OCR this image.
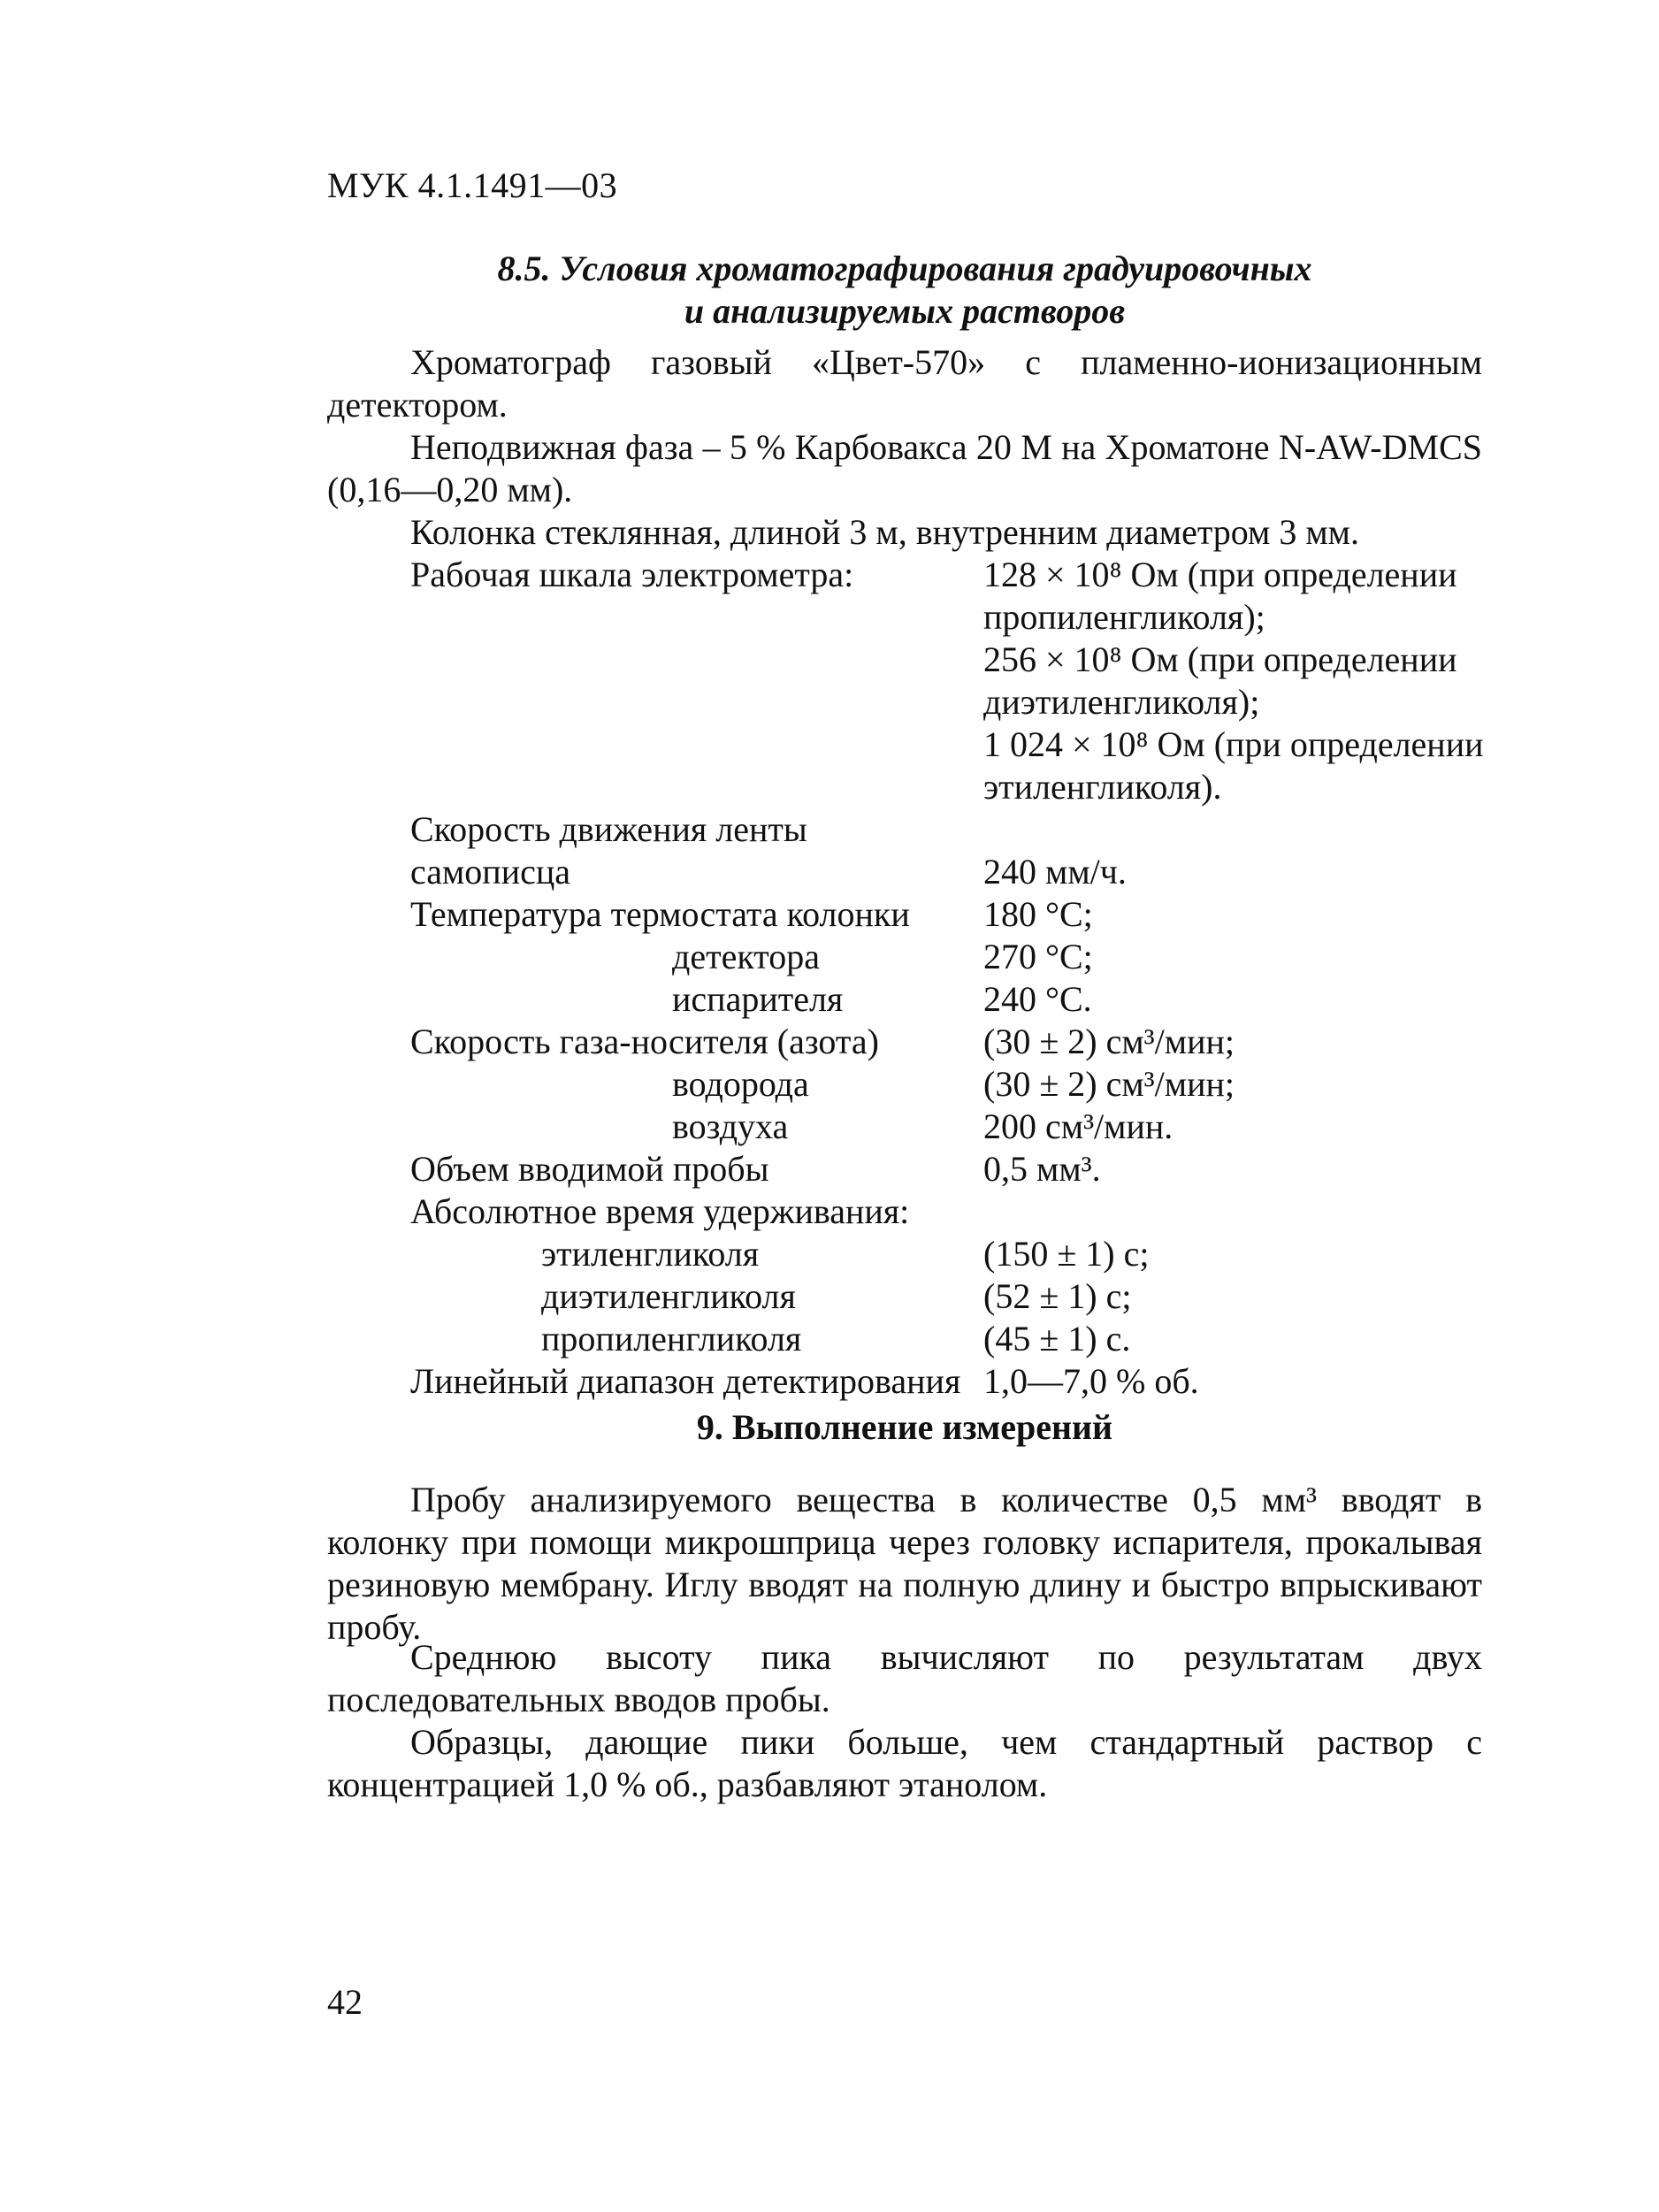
МУК 4.1.1491—03
8.5. Условия хроматографирования градуировочных
и анализируемых растворов
Хроматограф газовый «Цвет-570» с пламенно-ионизационным детектором.
Неподвижная фаза – 5 % Карбовакса 20 М на Хроматоне N-AW-DMCS (0,16—0,20 мм).
Колонка стеклянная, длиной 3 м, внутренним диаметром 3 мм.
Рабочая шкала электрометра:	128 × 10⁸ Ом (при определении
пропиленгликоля);
256 × 10⁸ Ом (при определении
диэтиленгликоля);
1 024 × 10⁸ Ом (при определении
этиленгликоля).
Скорость движения ленты
самописца	240 мм/ч.
Температура термостата колонки 180 °С;
детектора	270 °С;
испарителя	240 °С.
Скорость газа-носителя (азота)	(30 ± 2) см³/мин;
водорода	(30 ± 2) см³/мин;
воздуха	200 см³/мин.
Объем вводимой пробы	0,5 мм³.
Абсолютное время удерживания:
этиленгликоля	(150 ± 1) с;
диэтиленгликоля	(52 ± 1) с;
пропиленгликоля	(45 ± 1) с.
Линейный диапазон детектирования 1,0—7,0 % об.
9. Выполнение измерений
Пробу анализируемого вещества в количестве 0,5 мм³ вводят в колонку при помощи микрошприца через головку испарителя, прокалывая резиновую мембрану. Иглу вводят на полную длину и быстро впрыскивают пробу.
Среднюю высоту пика вычисляют по результатам двух последовательных вводов пробы.
Образцы, дающие пики больше, чем стандартный раствор с концентрацией 1,0 % об., разбавляют этанолом.
42
